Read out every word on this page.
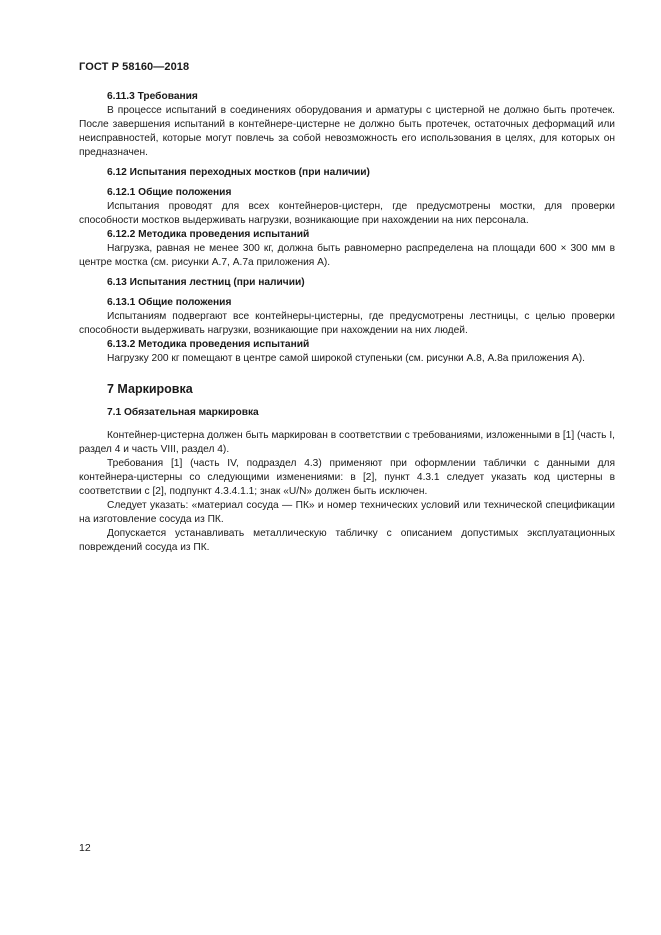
ГОСТ Р 58160—2018

6.11.3 Требования

В процессе испытаний в соединениях оборудования и арматуры с цистерной не должно быть протечек. После завершения испытаний в контейнере-цистерне не должно быть протечек, остаточных деформаций или неисправностей, которые могут повлечь за собой невозможность его использования в целях, для которых он предназначен.

6.12 Испытания переходных мостков (при наличии)

6.12.1 Общие положения

Испытания проводят для всех контейнеров-цистерн, где предусмотрены мостки, для проверки способности мостков выдерживать нагрузки, возникающие при нахождении на них персонала.

6.12.2 Методика проведения испытаний

Нагрузка, равная не менее 300 кг, должна быть равномерно распределена на площади 600 × 300 мм в центре мостка (см. рисунки А.7, А.7а приложения А).

6.13 Испытания лестниц (при наличии)

6.13.1 Общие положения

Испытаниям подвергают все контейнеры-цистерны, где предусмотрены лестницы, с целью проверки способности выдерживать нагрузки, возникающие при нахождении на них людей.

6.13.2 Методика проведения испытаний

Нагрузку 200 кг помещают в центре самой широкой ступеньки (см. рисунки А.8, А.8а приложения А).

7 Маркировка

7.1 Обязательная маркировка

Контейнер-цистерна должен быть маркирован в соответствии с требованиями, изложенными в [1] (часть I, раздел 4 и часть VIII, раздел 4).

Требования [1] (часть IV, подраздел 4.3) применяют при оформлении таблички с данными для контейнера-цистерны со следующими изменениями: в [2], пункт 4.3.1 следует указать код цистерны в соответствии с [2], подпункт 4.3.4.1.1; знак «U/N» должен быть исключен.

Следует указать: «материал сосуда — ПК» и номер технических условий или технической спецификации на изготовление сосуда из ПК.

Допускается устанавливать металлическую табличку с описанием допустимых эксплуатационных повреждений сосуда из ПК.

12
